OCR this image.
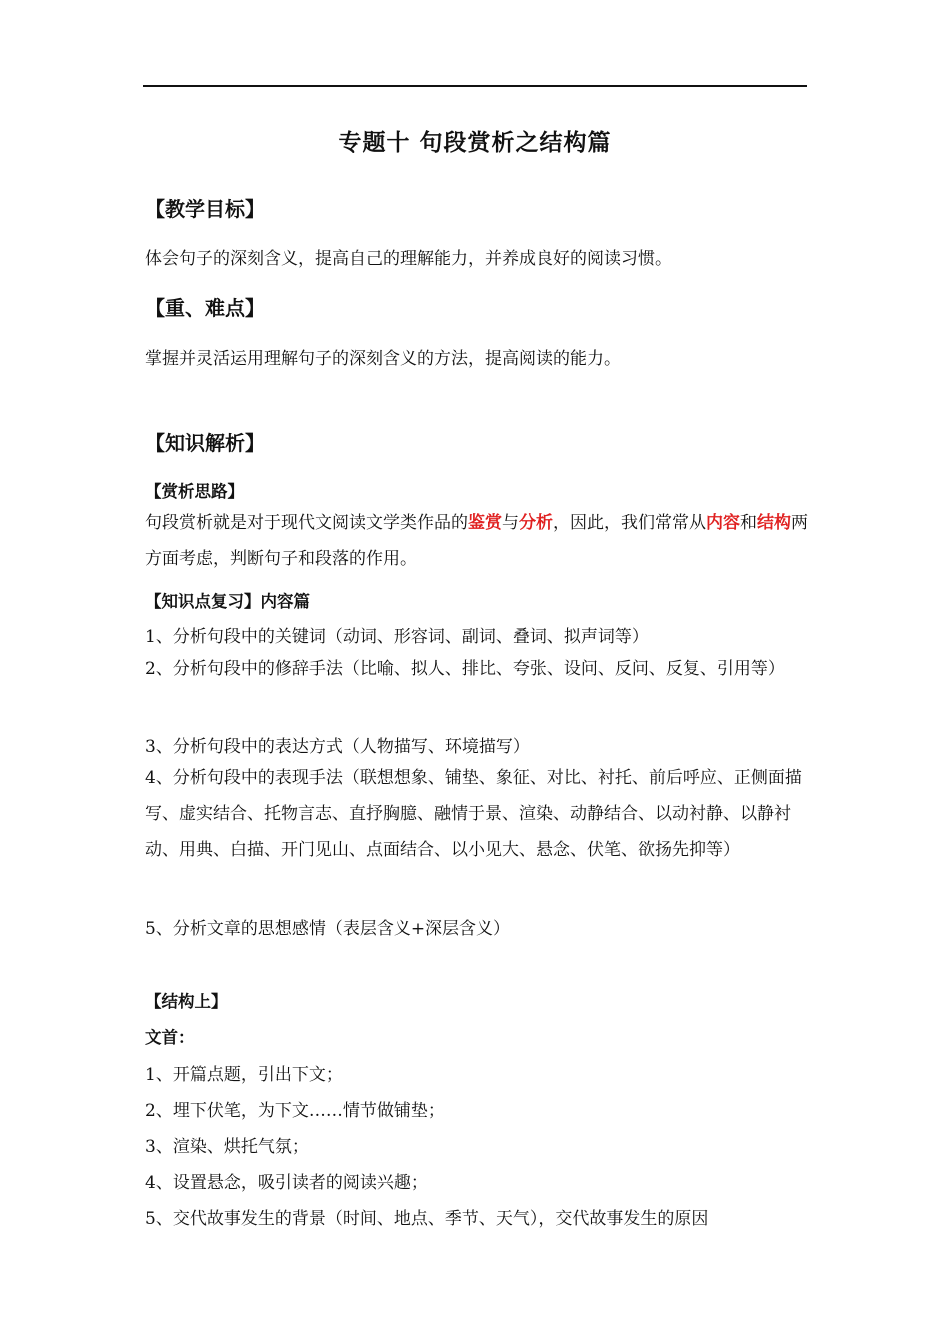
专题十 句段赏析之结构篇
【教学目标】
体会句子的深刻含义，提高自己的理解能力，并养成良好的阅读习惯。
【重、难点】
掌握并灵活运用理解句子的深刻含义的方法，提高阅读的能力。
【知识解析】
【赏析思路】
句段赏析就是对于现代文阅读文学类作品的鉴赏与分析，因此，我们常常从内容和结构两方面考虑，判断句子和段落的作用。
【知识点复习】内容篇
1、分析句段中的关键词（动词、形容词、副词、叠词、拟声词等）
2、分析句段中的修辞手法（比喻、拟人、排比、夸张、设问、反问、反复、引用等）
3、分析句段中的表达方式（人物描写、环境描写）
4、分析句段中的表现手法（联想想象、铺垫、象征、对比、衬托、前后呼应、正侧面描写、虚实结合、托物言志、直抒胸臆、融情于景、渲染、动静结合、以动衬静、以静衬动、用典、白描、开门见山、点面结合、以小见大、悬念、伏笔、欲扬先抑等）
5、分析文章的思想感情（表层含义+深层含义）
【结构上】
文首：
1、开篇点题，引出下文；
2、埋下伏笔，为下文……情节做铺垫；
3、渲染、烘托气氛；
4、设置悬念，吸引读者的阅读兴趣；
5、交代故事发生的背景（时间、地点、季节、天气），交代故事发生的原因
